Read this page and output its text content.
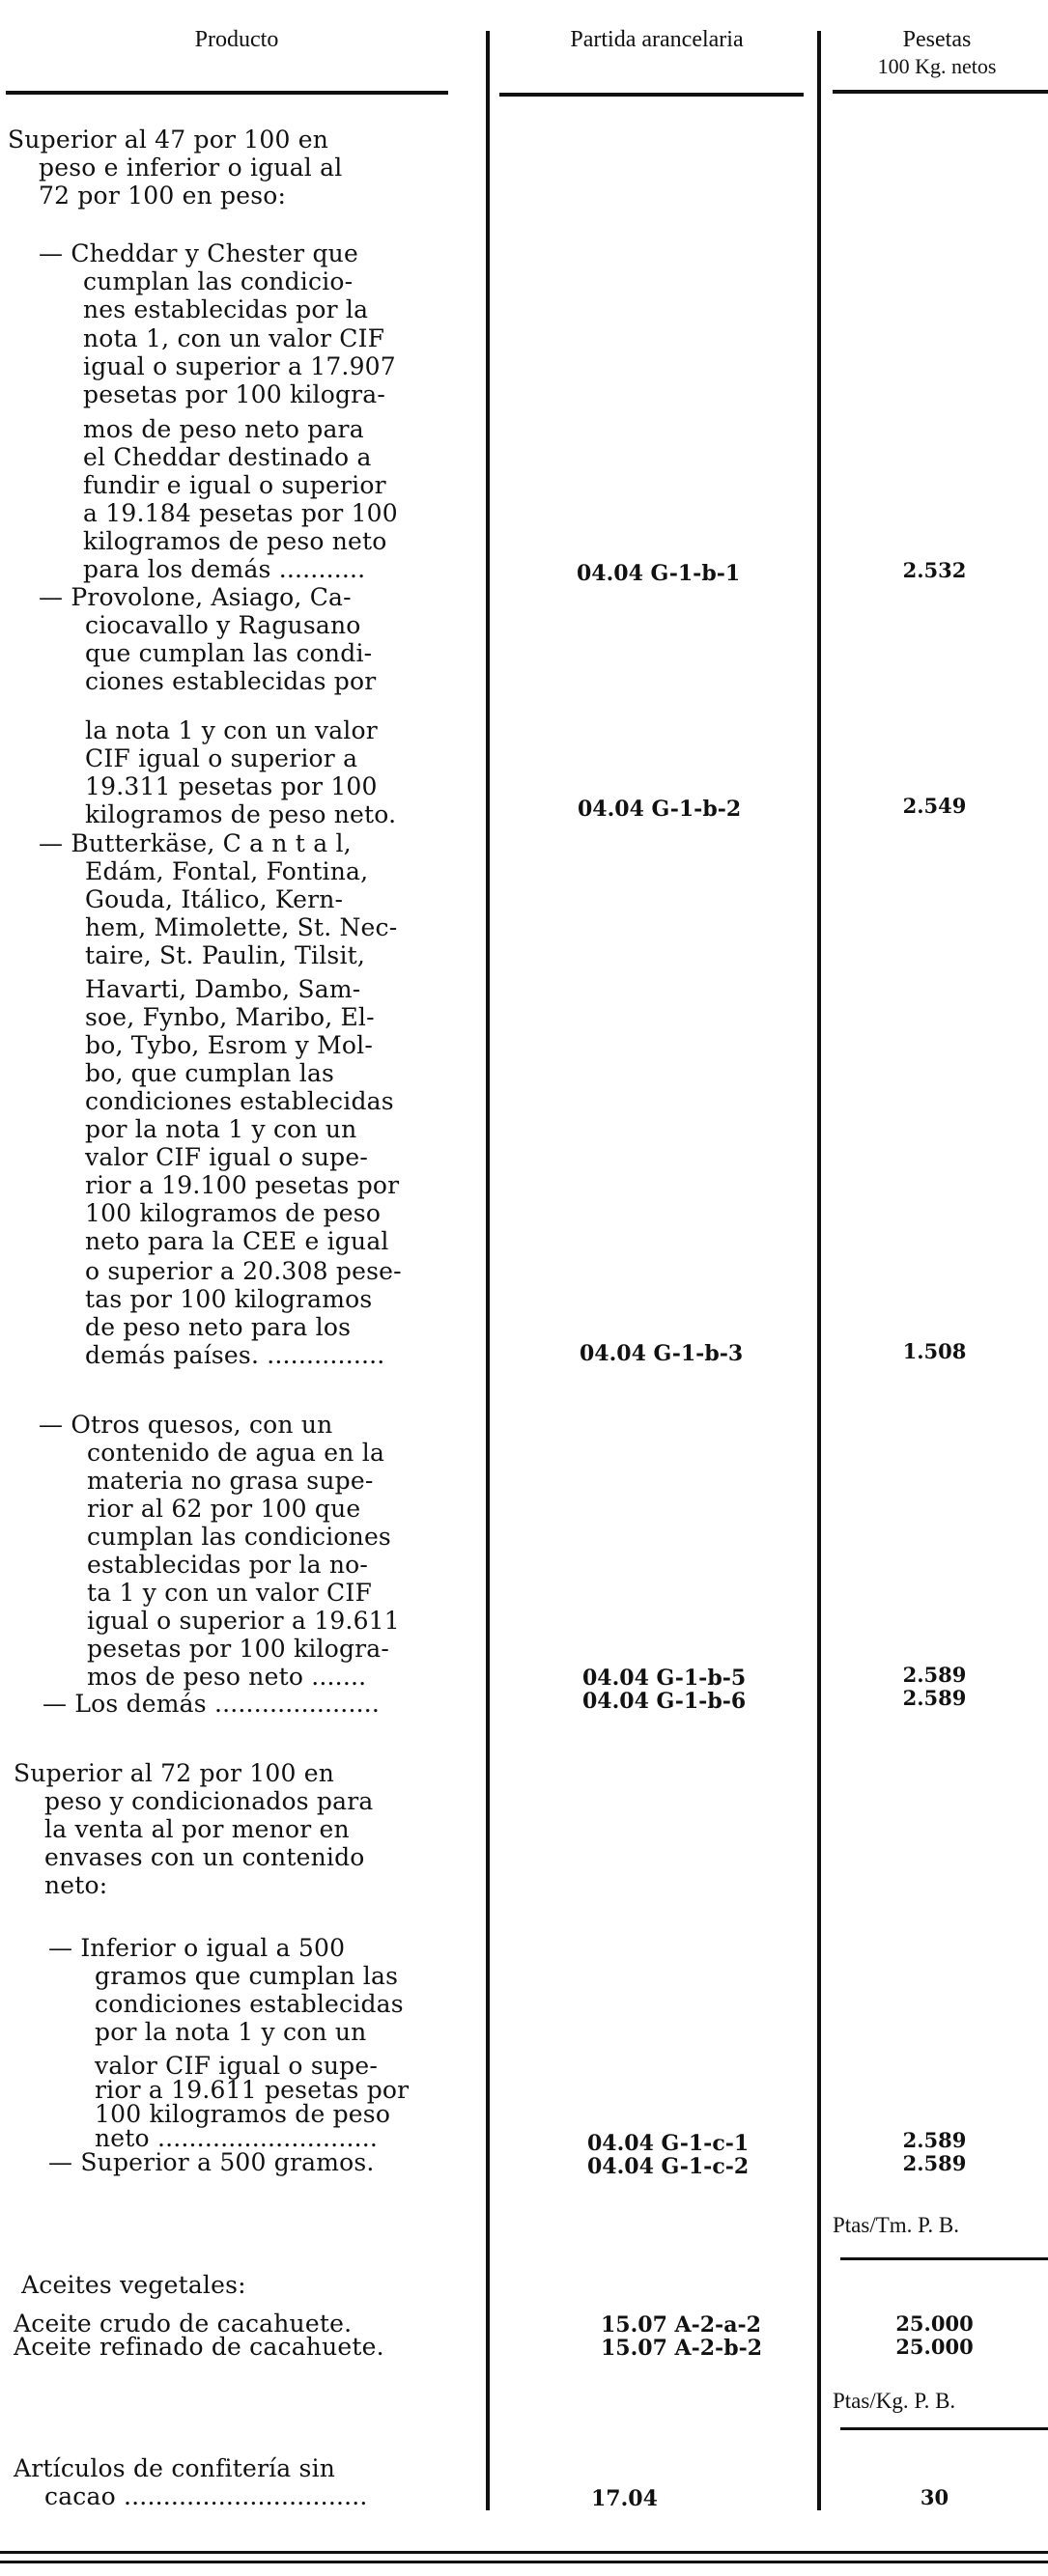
Producto	Partida arancelaria	Pesetas
100 Kg. netos
Superior al 47 por 100 en
peso e inferior o igual al
72 por 100 en peso:
— Cheddar y Chester que
cumplan las condicio-
nes establecidas por la
nota 1, con un valor CIF
igual o superior a 17.907
pesetas por 100 kilogra-
mos de peso neto para
el Cheddar destinado a
fundir e igual o superior
a 19.184 pesetas por 100
kilogramos de peso neto
para los demás ...........	04.04 G-1-b-1	2.532
— Provolone, Asiago, Ca-
ciocavallo y Ragusano
que cumplan las condi-
ciones establecidas por
la nota 1 y con un valor
CIF igual o superior a
19.311 pesetas por 100
kilogramos de peso neto.	04.04 G-1-b-2	2.549
— Butterkäse, C a n t a l,
Edám, Fontal, Fontina,
Gouda, Itálico, Kern-
hem, Mimolette, St. Nec-
taire, St. Paulin, Tilsit,
Havarti, Dambo, Sam-
soe, Fynbo, Maribo, El-
bo, Tybo, Esrom y Mol-
bo, que cumplan las
condiciones establecidas
por la nota 1 y con un
valor CIF igual o supe-
rior a 19.100 pesetas por
100 kilogramos de peso
neto para la CEE e igual
o superior a 20.308 pese-
tas por 100 kilogramos
de peso neto para los
demás países. ...............	04.04 G-1-b-3	1.508
— Otros quesos, con un
contenido de agua en la
materia no grasa supe-
rior al 62 por 100 que
cumplan las condiciones
establecidas por la no-
ta 1 y con un valor CIF
igual o superior a 19.611
pesetas por 100 kilogra-
mos de peso neto .......	04.04 G-1-b-5	2.589
— Los demás .....................	04.04 G-1-b-6	2.589
Superior al 72 por 100 en
peso y condicionados para
la venta al por menor en
envases con un contenido
neto:
— Inferior o igual a 500
gramos que cumplan las
condiciones establecidas
por la nota 1 y con un
valor CIF igual o supe-
rior a 19.611 pesetas por
100 kilogramos de peso
neto ............................	04.04 G-1-c-1	2.589
— Superior a 500 gramos.	04.04 G-1-c-2	2.589
Ptas/Tm. P. B.
Aceites vegetales:
Aceite crudo de cacahuete.	15.07 A-2-a-2	25.000
Aceite refinado de cacahuete.	15.07 A-2-b-2	25.000
Ptas/Kg. P. B.
Artículos de confitería sin
cacao ...............................	17.04	30
